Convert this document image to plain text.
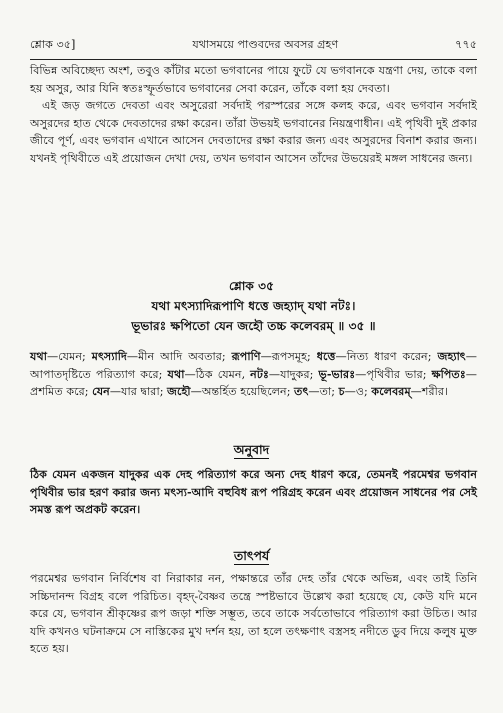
শ্লোক ৩৫]	যথাসময়ে পাণ্ডবদের অবসর গ্রহণ	৭৭৫

বিভিন্ন অবিচ্ছেদ্য অংশ, তবুও কাঁটার মতো ভগবানের পায়ে ফুটে যে ভগবানকে যন্ত্রণা দেয়, তাকে বলা হয় অসুর, আর যিনি স্বতঃস্ফূর্তভাবে ভগবানের সেবা করেন, তাঁকে বলা হয় দেবতা।

এই জড় জগতে দেবতা এবং অসুরেরা সর্বদাই পরস্পরের সঙ্গে কলহ করে, এবং ভগবান সর্বদাই অসুরদের হাত থেকে দেবতাদের রক্ষা করেন। তাঁরা উভয়ই ভগবানের নিয়ন্ত্রণাধীন। এই পৃথিবী দুই প্রকার জীবে পূর্ণ, এবং ভগবান এখানে আসেন দেবতাদের রক্ষা করার জন্য এবং অসুরদের বিনাশ করার জন্য। যখনই পৃথিবীতে এই প্রয়োজন দেখা দেয়, তখন ভগবান আসেন তাঁদের উভয়েরই মঙ্গল সাধনের জন্য।

শ্লোক ৩৫
যথা মৎস্যাদিরূপাণি ধত্তে জহ্যাদ্ যথা নটঃ।
ভূভারঃ ক্ষপিতো যেন জহৌ তচ্চ কলেবরম্ ॥ ৩৫ ॥

যথা—যেমন; মৎস্যাদি—মীন আদি অবতার; রূপাণি—রূপসমূহ; ধত্তে—নিত্য ধারণ করেন; জহ্যাৎ—আপাতদৃষ্টিতে পরিত্যাগ করে; যথা—ঠিক যেমন, নটঃ—যাদুকর; ভূ-ভারঃ—পৃথিবীর ভার; ক্ষপিতঃ—প্রশমিত করে; যেন—যার দ্বারা; জহৌ—অন্তর্হিত হয়েছিলেন; তৎ—তা; চ—ও; কলেবরম্—শরীর।

অনুবাদ

ঠিক যেমন একজন যাদুকর এক দেহ পরিত্যাগ করে অন্য দেহ ধারণ করে, তেমনই পরমেশ্বর ভগবান পৃথিবীর ভার হরণ করার জন্য মৎস্য-আদি বহুবিধ রূপ পরিগ্রহ করেন এবং প্রয়োজন সাধনের পর সেই সমস্ত রূপ অপ্রকট করেন।

তাৎপর্য

পরমেশ্বর ভগবান নির্বিশেষ বা নিরাকার নন, পক্ষান্তরে তাঁর দেহ তাঁর থেকে অভিন্ন, এবং তাই তিনি সচ্চিদানন্দ বিগ্রহ বলে পরিচিত। বৃহদ্-বৈষ্ণব তন্ত্রে স্পষ্টভাবে উল্লেখ করা হয়েছে যে, কেউ যদি মনে করে যে, ভগবান শ্রীকৃষ্ণের রূপ জড়া শক্তি সম্ভূত, তবে তাকে সর্বতোভাবে পরিত্যাগ করা উচিত। আর যদি কখনও ঘটনাক্রমে সে নাস্তিকের মুখ দর্শন হয়, তা হলে তৎক্ষণাৎ বস্ত্রসহ নদীতে ডুব দিয়ে কলুষ মুক্ত হতে হয়।
